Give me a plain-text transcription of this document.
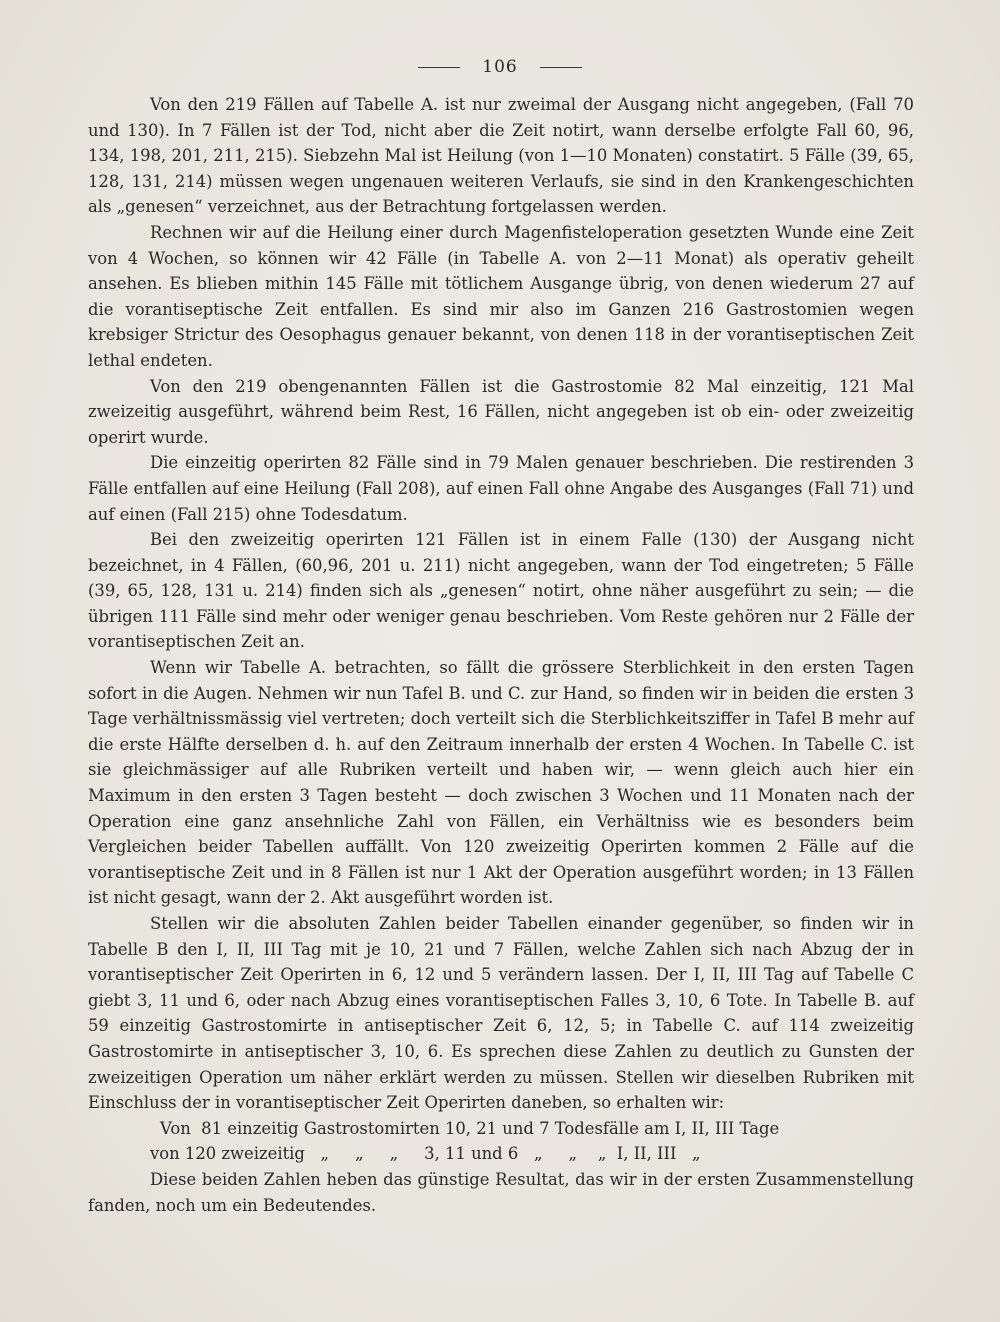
106

Von den 219 Fällen auf Tabelle A. ist nur zweimal der Ausgang nicht angegeben, (Fall 70 und 130). In 7 Fällen ist der Tod, nicht aber die Zeit notirt, wann derselbe erfolgte Fall 60, 96, 134, 198, 201, 211, 215). Siebzehn Mal ist Heilung (von 1—10 Monaten) constatirt. 5 Fälle (39, 65, 128, 131, 214) müssen wegen ungenauen weiteren Verlaufs, sie sind in den Krankengeschichten als „genesen“ verzeichnet, aus der Betrachtung fortgelassen werden.

Rechnen wir auf die Heilung einer durch Magenfisteloperation gesetzten Wunde eine Zeit von 4 Wochen, so können wir 42 Fälle (in Tabelle A. von 2—11 Monat) als operativ geheilt ansehen. Es blieben mithin 145 Fälle mit tötlichem Ausgange übrig, von denen wiederum 27 auf die vorantiseptische Zeit entfallen. Es sind mir also im Ganzen 216 Gastrostomien wegen krebsiger Strictur des Oesophagus genauer bekannt, von denen 118 in der vorantiseptischen Zeit lethal endeten.

Von den 219 obengenannten Fällen ist die Gastrostomie 82 Mal einzeitig, 121 Mal zweizeitig ausgeführt, während beim Rest, 16 Fällen, nicht angegeben ist ob ein- oder zweizeitig operirt wurde.

Die einzeitig operirten 82 Fälle sind in 79 Malen genauer beschrieben. Die restirenden 3 Fälle entfallen auf eine Heilung (Fall 208), auf einen Fall ohne Angabe des Ausganges (Fall 71) und auf einen (Fall 215) ohne Todesdatum.

Bei den zweizeitig operirten 121 Fällen ist in einem Falle (130) der Ausgang nicht bezeichnet, in 4 Fällen, (60,96, 201 u. 211) nicht angegeben, wann der Tod eingetreten; 5 Fälle (39, 65, 128, 131 u. 214) finden sich als „genesen“ notirt, ohne näher ausgeführt zu sein; — die übrigen 111 Fälle sind mehr oder weniger genau beschrieben. Vom Reste gehören nur 2 Fälle der vorantiseptischen Zeit an.

Wenn wir Tabelle A. betrachten, so fällt die grössere Sterblichkeit in den ersten Tagen sofort in die Augen. Nehmen wir nun Tafel B. und C. zur Hand, so finden wir in beiden die ersten 3 Tage verhältnissmässig viel vertreten; doch verteilt sich die Sterblichkeitsziffer in Tafel B mehr auf die erste Hälfte derselben d. h. auf den Zeitraum innerhalb der ersten 4 Wochen. In Tabelle C. ist sie gleichmässiger auf alle Rubriken verteilt und haben wir, — wenn gleich auch hier ein Maximum in den ersten 3 Tagen besteht — doch zwischen 3 Wochen und 11 Monaten nach der Operation eine ganz ansehnliche Zahl von Fällen, ein Verhältniss wie es besonders beim Vergleichen beider Tabellen auffällt. Von 120 zweizeitig Operirten kommen 2 Fälle auf die vorantiseptische Zeit und in 8 Fällen ist nur 1 Akt der Operation ausgeführt worden; in 13 Fällen ist nicht gesagt, wann der 2. Akt ausgeführt worden ist.

Stellen wir die absoluten Zahlen beider Tabellen einander gegenüber, so finden wir in Tabelle B den I, II, III Tag mit je 10, 21 und 7 Fällen, welche Zahlen sich nach Abzug der in vorantiseptischer Zeit Operirten in 6, 12 und 5 verändern lassen. Der I, II, III Tag auf Tabelle C giebt 3, 11 und 6, oder nach Abzug eines vorantiseptischen Falles 3, 10, 6 Tote. In Tabelle B. auf 59 einzeitig Gastrostomirte in antiseptischer Zeit 6, 12, 5; in Tabelle C. auf 114 zweizeitig Gastrostomirte in antiseptischer 3, 10, 6. Es sprechen diese Zahlen zu deutlich zu Gunsten der zweizeitigen Operation um näher erklärt werden zu müssen. Stellen wir dieselben Rubriken mit Einschluss der in vorantiseptischer Zeit Operirten daneben, so erhalten wir:

Von  81 einzeitig Gastrostomirten 10, 21 und 7 Todesfälle am I, II, III Tage

von 120 zweizeitig   „     „     „     3, 11 und 6   „     „    „  I, II, III   „

Diese beiden Zahlen heben das günstige Resultat, das wir in der ersten Zusammenstellung fanden, noch um ein Bedeutendes.
